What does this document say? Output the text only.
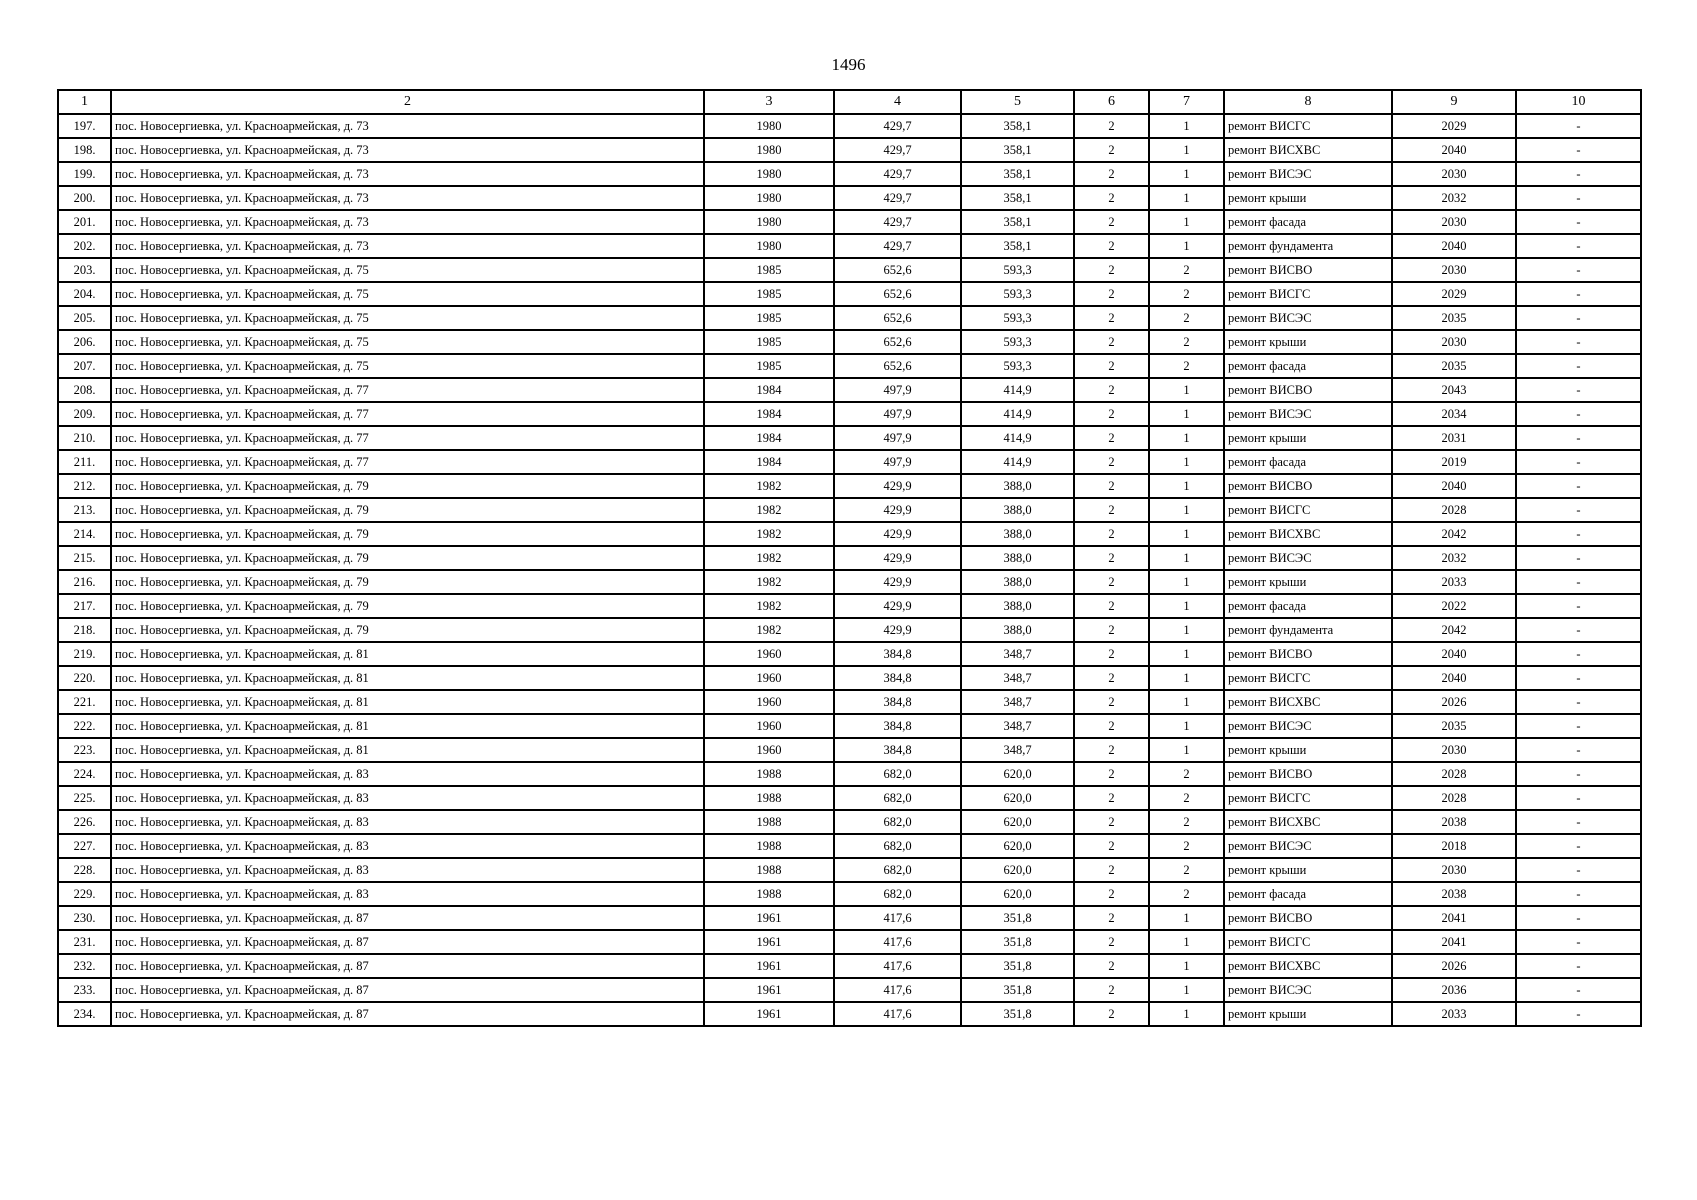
1496
1	2	3	4	5	6	7	8	9	10
197.	пос. Новосергиевка, ул. Красноармейская, д. 73	1980	429,7	358,1	2	1	ремонт ВИСГС	2029	-
198.	пос. Новосергиевка, ул. Красноармейская, д. 73	1980	429,7	358,1	2	1	ремонт ВИСХВС	2040	-
199.	пос. Новосергиевка, ул. Красноармейская, д. 73	1980	429,7	358,1	2	1	ремонт ВИСЭС	2030	-
200.	пос. Новосергиевка, ул. Красноармейская, д. 73	1980	429,7	358,1	2	1	ремонт крыши	2032	-
201.	пос. Новосергиевка, ул. Красноармейская, д. 73	1980	429,7	358,1	2	1	ремонт фасада	2030	-
202.	пос. Новосергиевка, ул. Красноармейская, д. 73	1980	429,7	358,1	2	1	ремонт фундамента	2040	-
203.	пос. Новосергиевка, ул. Красноармейская, д. 75	1985	652,6	593,3	2	2	ремонт ВИСВО	2030	-
204.	пос. Новосергиевка, ул. Красноармейская, д. 75	1985	652,6	593,3	2	2	ремонт ВИСГС	2029	-
205.	пос. Новосергиевка, ул. Красноармейская, д. 75	1985	652,6	593,3	2	2	ремонт ВИСЭС	2035	-
206.	пос. Новосергиевка, ул. Красноармейская, д. 75	1985	652,6	593,3	2	2	ремонт крыши	2030	-
207.	пос. Новосергиевка, ул. Красноармейская, д. 75	1985	652,6	593,3	2	2	ремонт фасада	2035	-
208.	пос. Новосергиевка, ул. Красноармейская, д. 77	1984	497,9	414,9	2	1	ремонт ВИСВО	2043	-
209.	пос. Новосергиевка, ул. Красноармейская, д. 77	1984	497,9	414,9	2	1	ремонт ВИСЭС	2034	-
210.	пос. Новосергиевка, ул. Красноармейская, д. 77	1984	497,9	414,9	2	1	ремонт крыши	2031	-
211.	пос. Новосергиевка, ул. Красноармейская, д. 77	1984	497,9	414,9	2	1	ремонт фасада	2019	-
212.	пос. Новосергиевка, ул. Красноармейская, д. 79	1982	429,9	388,0	2	1	ремонт ВИСВО	2040	-
213.	пос. Новосергиевка, ул. Красноармейская, д. 79	1982	429,9	388,0	2	1	ремонт ВИСГС	2028	-
214.	пос. Новосергиевка, ул. Красноармейская, д. 79	1982	429,9	388,0	2	1	ремонт ВИСХВС	2042	-
215.	пос. Новосергиевка, ул. Красноармейская, д. 79	1982	429,9	388,0	2	1	ремонт ВИСЭС	2032	-
216.	пос. Новосергиевка, ул. Красноармейская, д. 79	1982	429,9	388,0	2	1	ремонт крыши	2033	-
217.	пос. Новосергиевка, ул. Красноармейская, д. 79	1982	429,9	388,0	2	1	ремонт фасада	2022	-
218.	пос. Новосергиевка, ул. Красноармейская, д. 79	1982	429,9	388,0	2	1	ремонт фундамента	2042	-
219.	пос. Новосергиевка, ул. Красноармейская, д. 81	1960	384,8	348,7	2	1	ремонт ВИСВО	2040	-
220.	пос. Новосергиевка, ул. Красноармейская, д. 81	1960	384,8	348,7	2	1	ремонт ВИСГС	2040	-
221.	пос. Новосергиевка, ул. Красноармейская, д. 81	1960	384,8	348,7	2	1	ремонт ВИСХВС	2026	-
222.	пос. Новосергиевка, ул. Красноармейская, д. 81	1960	384,8	348,7	2	1	ремонт ВИСЭС	2035	-
223.	пос. Новосергиевка, ул. Красноармейская, д. 81	1960	384,8	348,7	2	1	ремонт крыши	2030	-
224.	пос. Новосергиевка, ул. Красноармейская, д. 83	1988	682,0	620,0	2	2	ремонт ВИСВО	2028	-
225.	пос. Новосергиевка, ул. Красноармейская, д. 83	1988	682,0	620,0	2	2	ремонт ВИСГС	2028	-
226.	пос. Новосергиевка, ул. Красноармейская, д. 83	1988	682,0	620,0	2	2	ремонт ВИСХВС	2038	-
227.	пос. Новосергиевка, ул. Красноармейская, д. 83	1988	682,0	620,0	2	2	ремонт ВИСЭС	2018	-
228.	пос. Новосергиевка, ул. Красноармейская, д. 83	1988	682,0	620,0	2	2	ремонт крыши	2030	-
229.	пос. Новосергиевка, ул. Красноармейская, д. 83	1988	682,0	620,0	2	2	ремонт фасада	2038	-
230.	пос. Новосергиевка, ул. Красноармейская, д. 87	1961	417,6	351,8	2	1	ремонт ВИСВО	2041	-
231.	пос. Новосергиевка, ул. Красноармейская, д. 87	1961	417,6	351,8	2	1	ремонт ВИСГС	2041	-
232.	пос. Новосергиевка, ул. Красноармейская, д. 87	1961	417,6	351,8	2	1	ремонт ВИСХВС	2026	-
233.	пос. Новосергиевка, ул. Красноармейская, д. 87	1961	417,6	351,8	2	1	ремонт ВИСЭС	2036	-
234.	пос. Новосергиевка, ул. Красноармейская, д. 87	1961	417,6	351,8	2	1	ремонт крыши	2033	-
